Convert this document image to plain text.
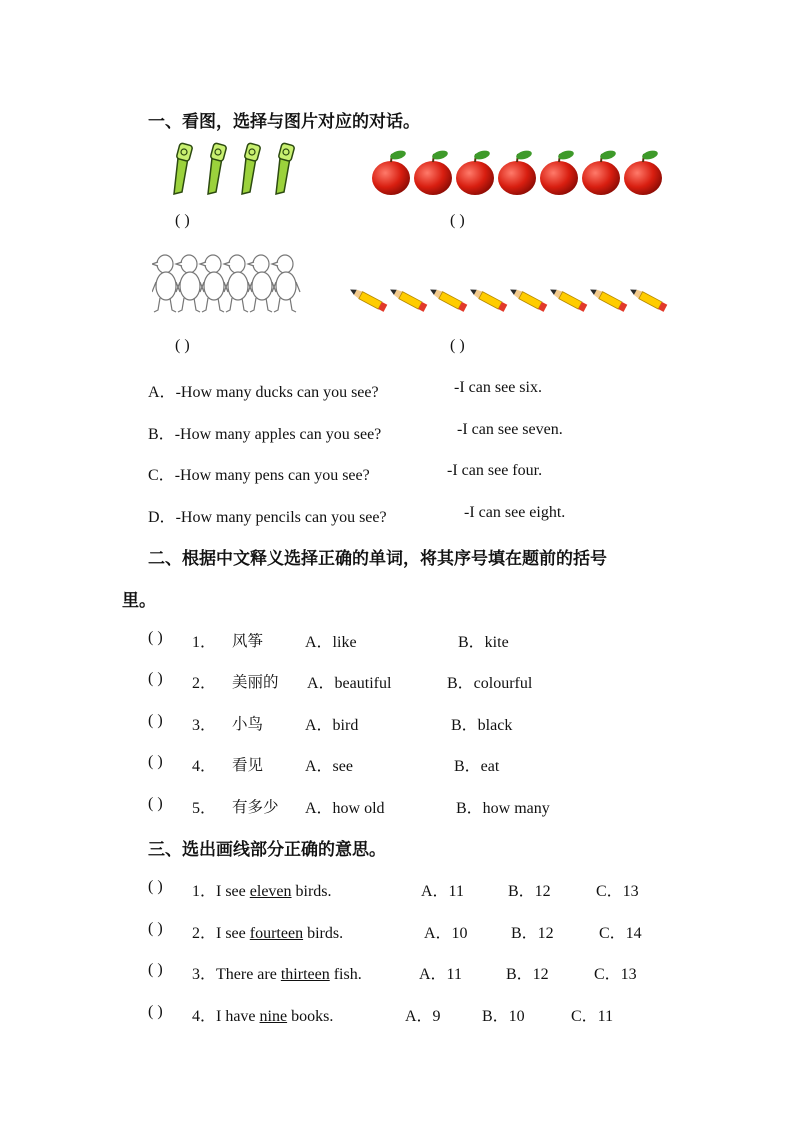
一、看图，选择与图片对应的对话。
( )	( )
( )	( )
A．-How many ducks can you see?	-I can see six.
B．-How many apples can you see?	-I can see seven.
C．-How many pens can you see?	-I can see four.
D．-How many pencils can you see?	-I can see eight.
二、根据中文释义选择正确的单词，将其序号填在题前的括号
里。
( ) 1． 风筝	A．like	B．kite
( ) 2． 美丽的 A．beautiful	B．colourful
( ) 3． 小鸟	A．bird	B．black
( ) 4． 看见	A．see	B．eat
( ) 5． 有多少 A．how old	B．how many
三、选出画线部分正确的意思。
( ) 1．I see eleven birds.	A．11	B．12	C．13
( ) 2．I see fourteen birds.	A．10	B．12	C．14
( ) 3．There are thirteen fish.	A．11	B．12	C．13
( ) 4．I have nine books.	A．9	B．10	C．11
